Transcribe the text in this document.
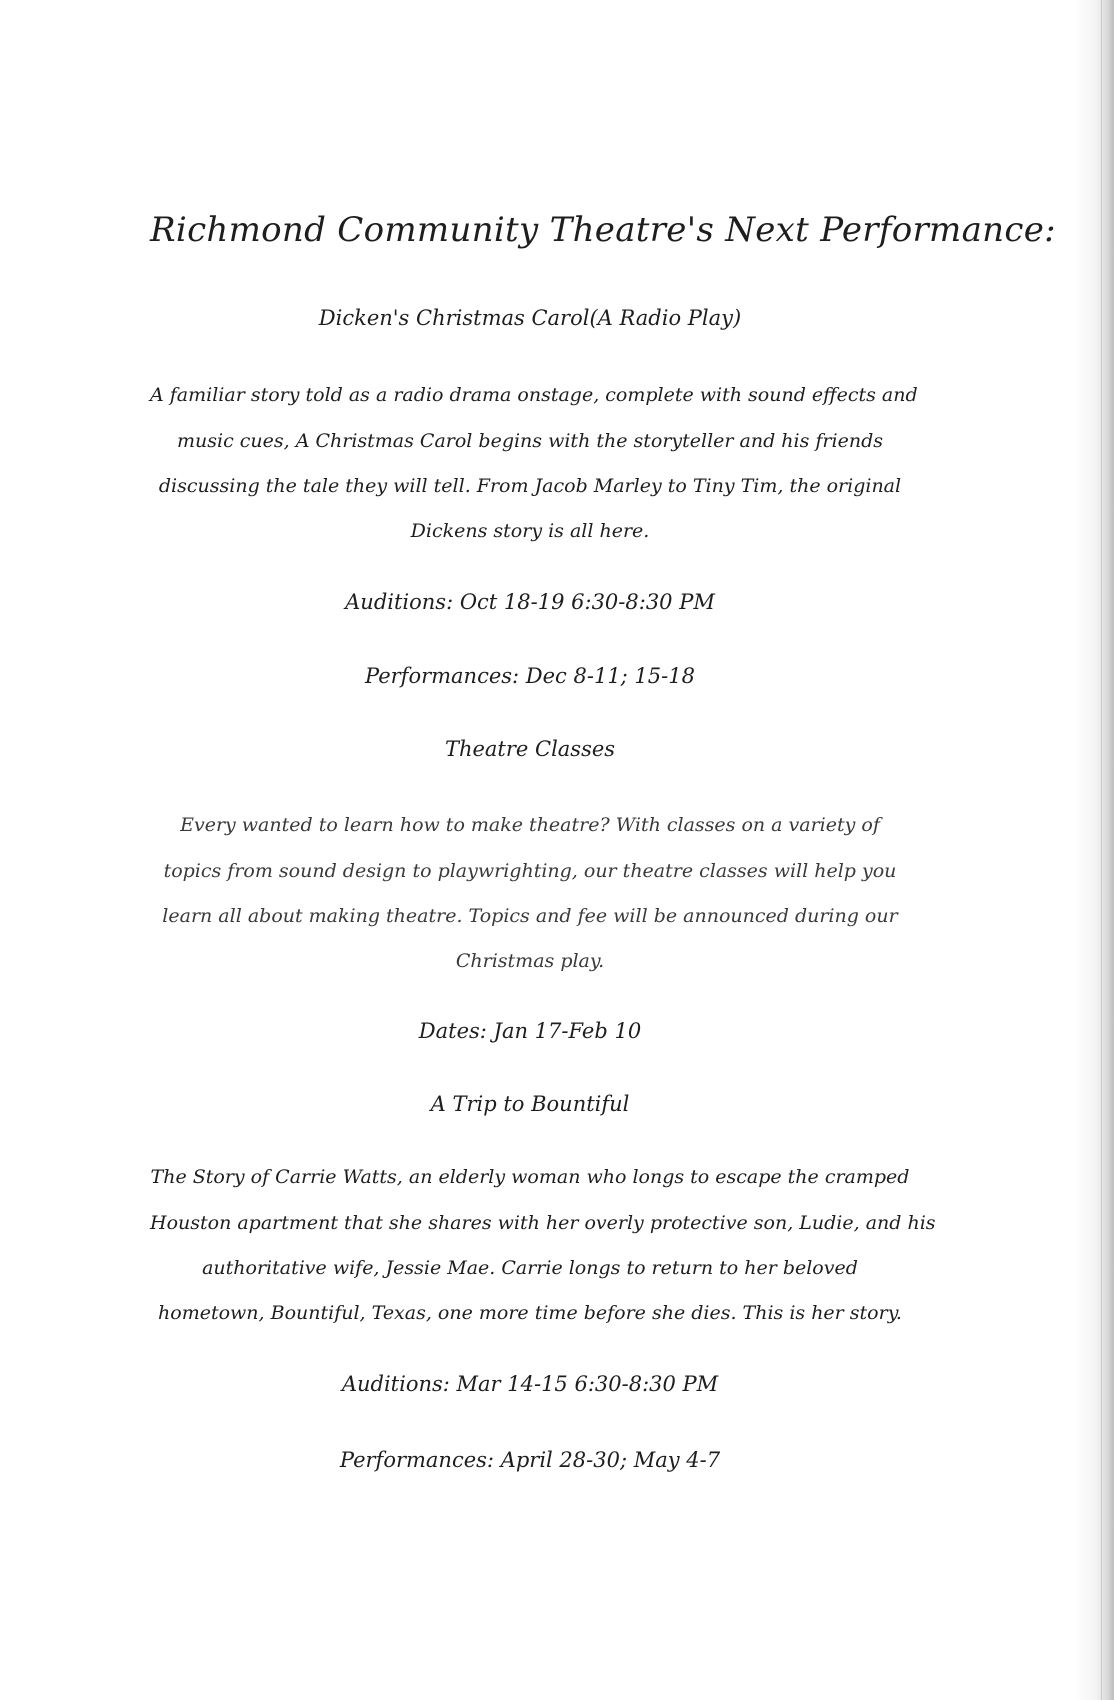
Richmond Community Theatre's Next Performance:
Dicken's Christmas Carol(A Radio Play)
A familiar story told as a radio drama onstage, complete with sound effects and
music cues, A Christmas Carol begins with the storyteller and his friends
discussing the tale they will tell. From Jacob Marley to Tiny Tim, the original
Dickens story is all here.
Auditions: Oct 18-19 6:30-8:30 PM
Performances: Dec 8-11; 15-18
Theatre Classes
Every wanted to learn how to make theatre? With classes on a variety of
topics from sound design to playwrighting, our theatre classes will help you
learn all about making theatre. Topics and fee will be announced during our
Christmas play.
Dates: Jan 17-Feb 10
A Trip to Bountiful
The Story of Carrie Watts, an elderly woman who longs to escape the cramped
Houston apartment that she shares with her overly protective son, Ludie, and his
authoritative wife, Jessie Mae. Carrie longs to return to her beloved
hometown, Bountiful, Texas, one more time before she dies. This is her story.
Auditions: Mar 14-15 6:30-8:30 PM
Performances: April 28-30; May 4-7
